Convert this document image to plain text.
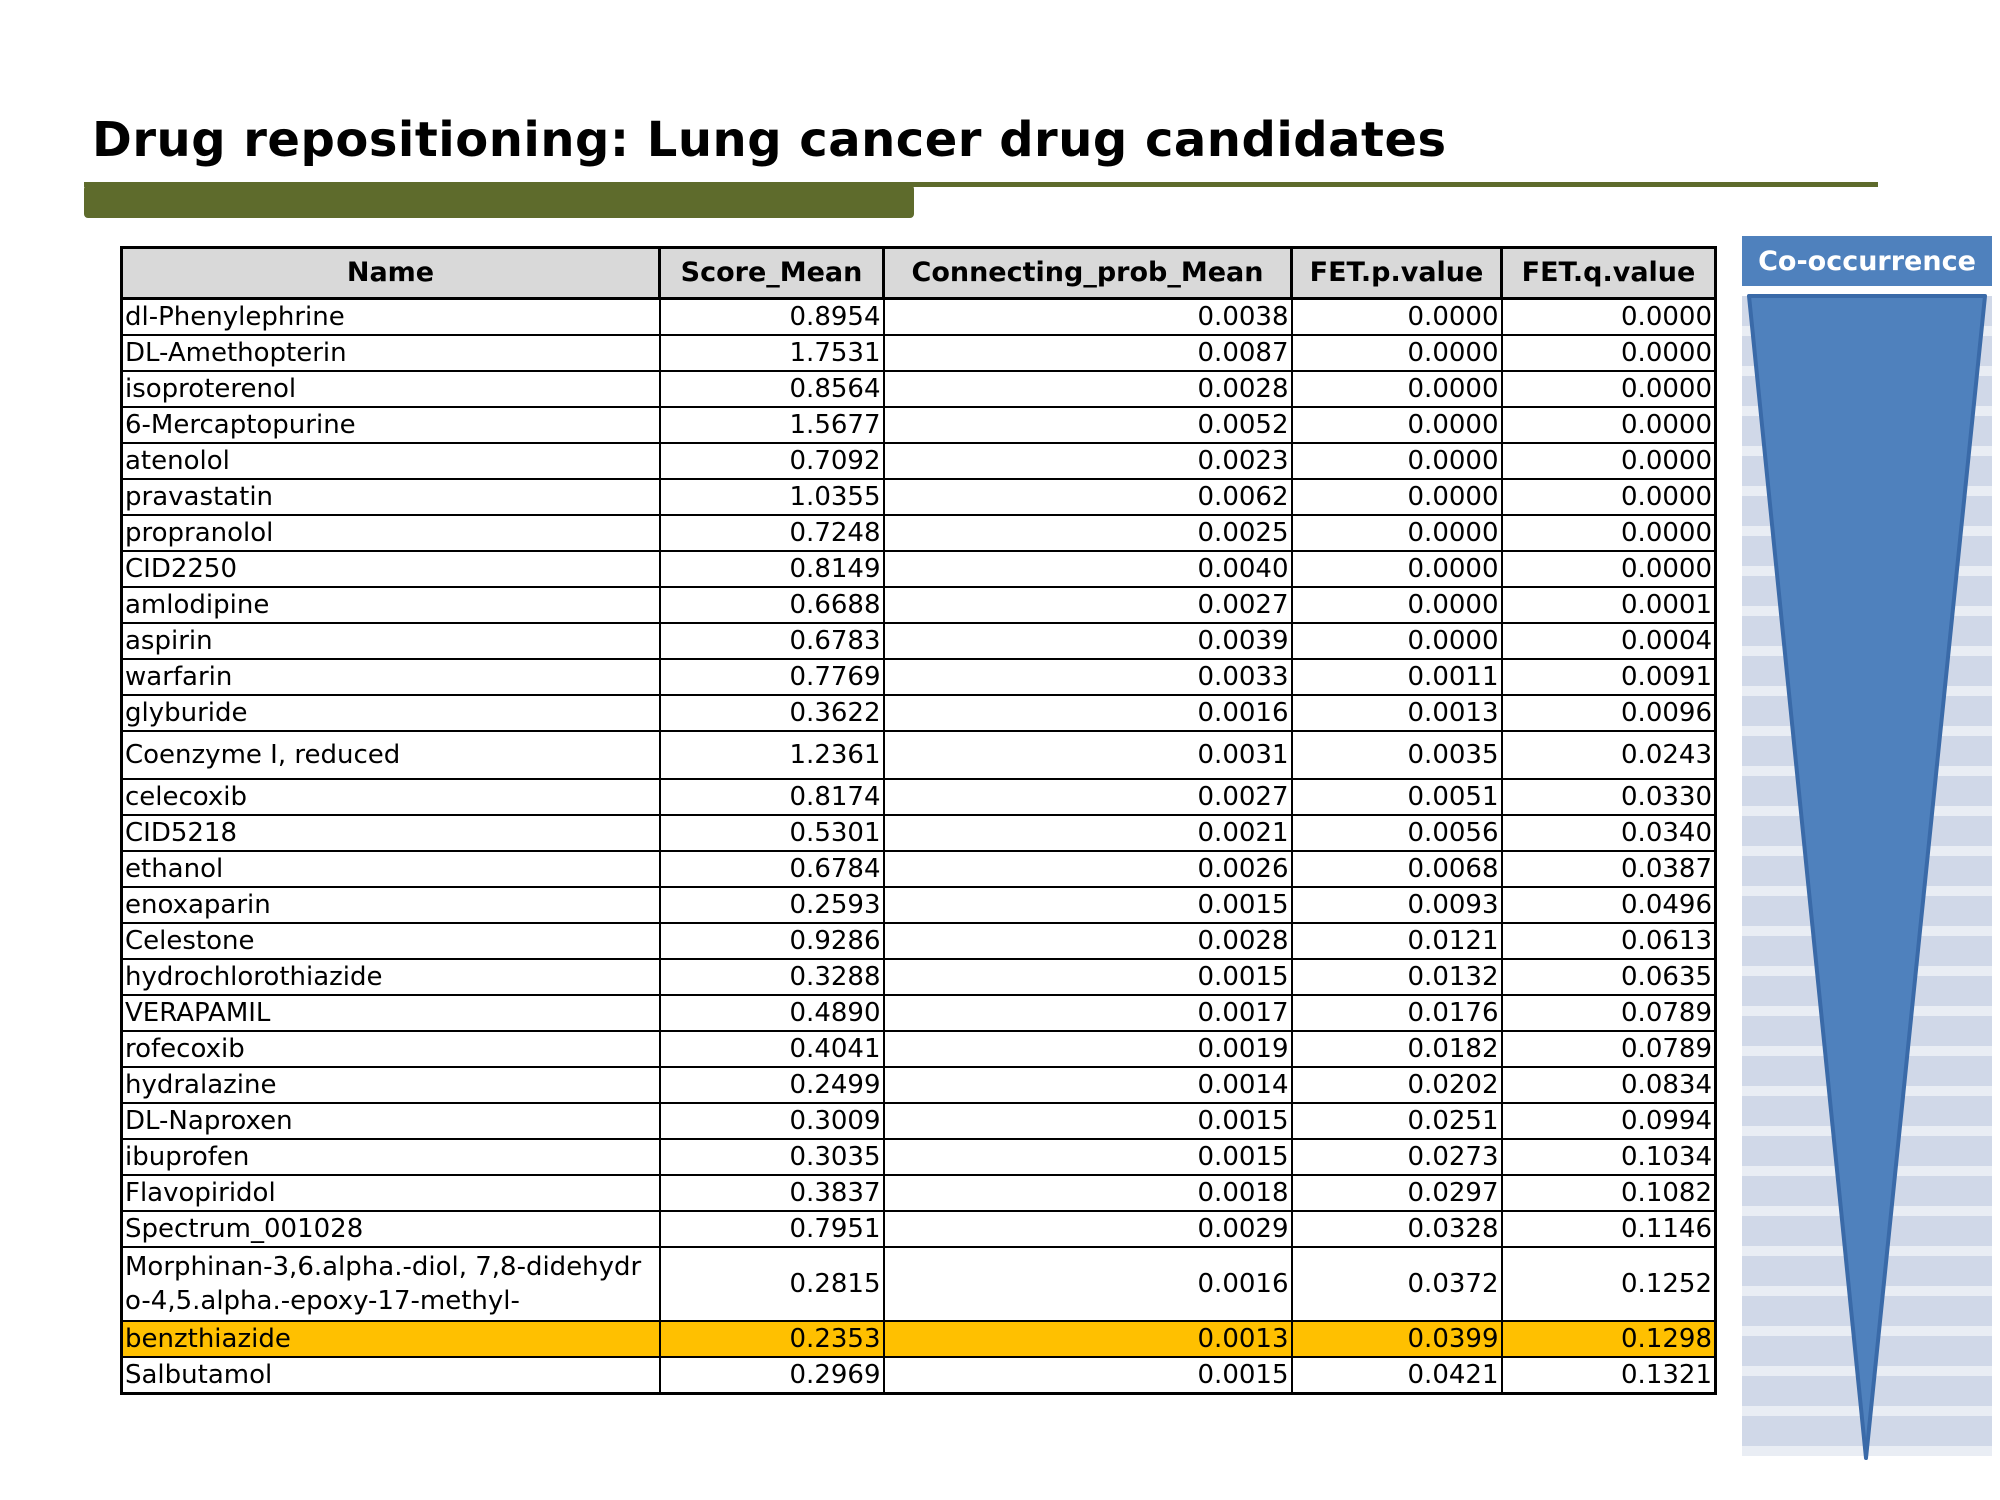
Drug repositioning: Lung cancer drug candidates
Name	Score_Mean	Connecting_prob_Mean	FET.p.value	FET.q.value
dl-Phenylephrine	0.8954	0.0038	0.0000	0.0000
DL-Amethopterin	1.7531	0.0087	0.0000	0.0000
isoproterenol	0.8564	0.0028	0.0000	0.0000
6-Mercaptopurine	1.5677	0.0052	0.0000	0.0000
atenolol	0.7092	0.0023	0.0000	0.0000
pravastatin	1.0355	0.0062	0.0000	0.0000
propranolol	0.7248	0.0025	0.0000	0.0000
CID2250	0.8149	0.0040	0.0000	0.0000
amlodipine	0.6688	0.0027	0.0000	0.0001
aspirin	0.6783	0.0039	0.0000	0.0004
warfarin	0.7769	0.0033	0.0011	0.0091
glyburide	0.3622	0.0016	0.0013	0.0096
Coenzyme I, reduced	1.2361	0.0031	0.0035	0.0243
celecoxib	0.8174	0.0027	0.0051	0.0330
CID5218	0.5301	0.0021	0.0056	0.0340
ethanol	0.6784	0.0026	0.0068	0.0387
enoxaparin	0.2593	0.0015	0.0093	0.0496
Celestone	0.9286	0.0028	0.0121	0.0613
hydrochlorothiazide	0.3288	0.0015	0.0132	0.0635
VERAPAMIL	0.4890	0.0017	0.0176	0.0789
rofecoxib	0.4041	0.0019	0.0182	0.0789
hydralazine	0.2499	0.0014	0.0202	0.0834
DL-Naproxen	0.3009	0.0015	0.0251	0.0994
ibuprofen	0.3035	0.0015	0.0273	0.1034
Flavopiridol	0.3837	0.0018	0.0297	0.1082
Spectrum_001028	0.7951	0.0029	0.0328	0.1146
Morphinan-3,6.alpha.-diol, 7,8-didehydro-4,5.alpha.-epoxy-17-methyl-	0.2815	0.0016	0.0372	0.1252
benzthiazide	0.2353	0.0013	0.0399	0.1298
Salbutamol	0.2969	0.0015	0.0421	0.1321
Co-occurrence
